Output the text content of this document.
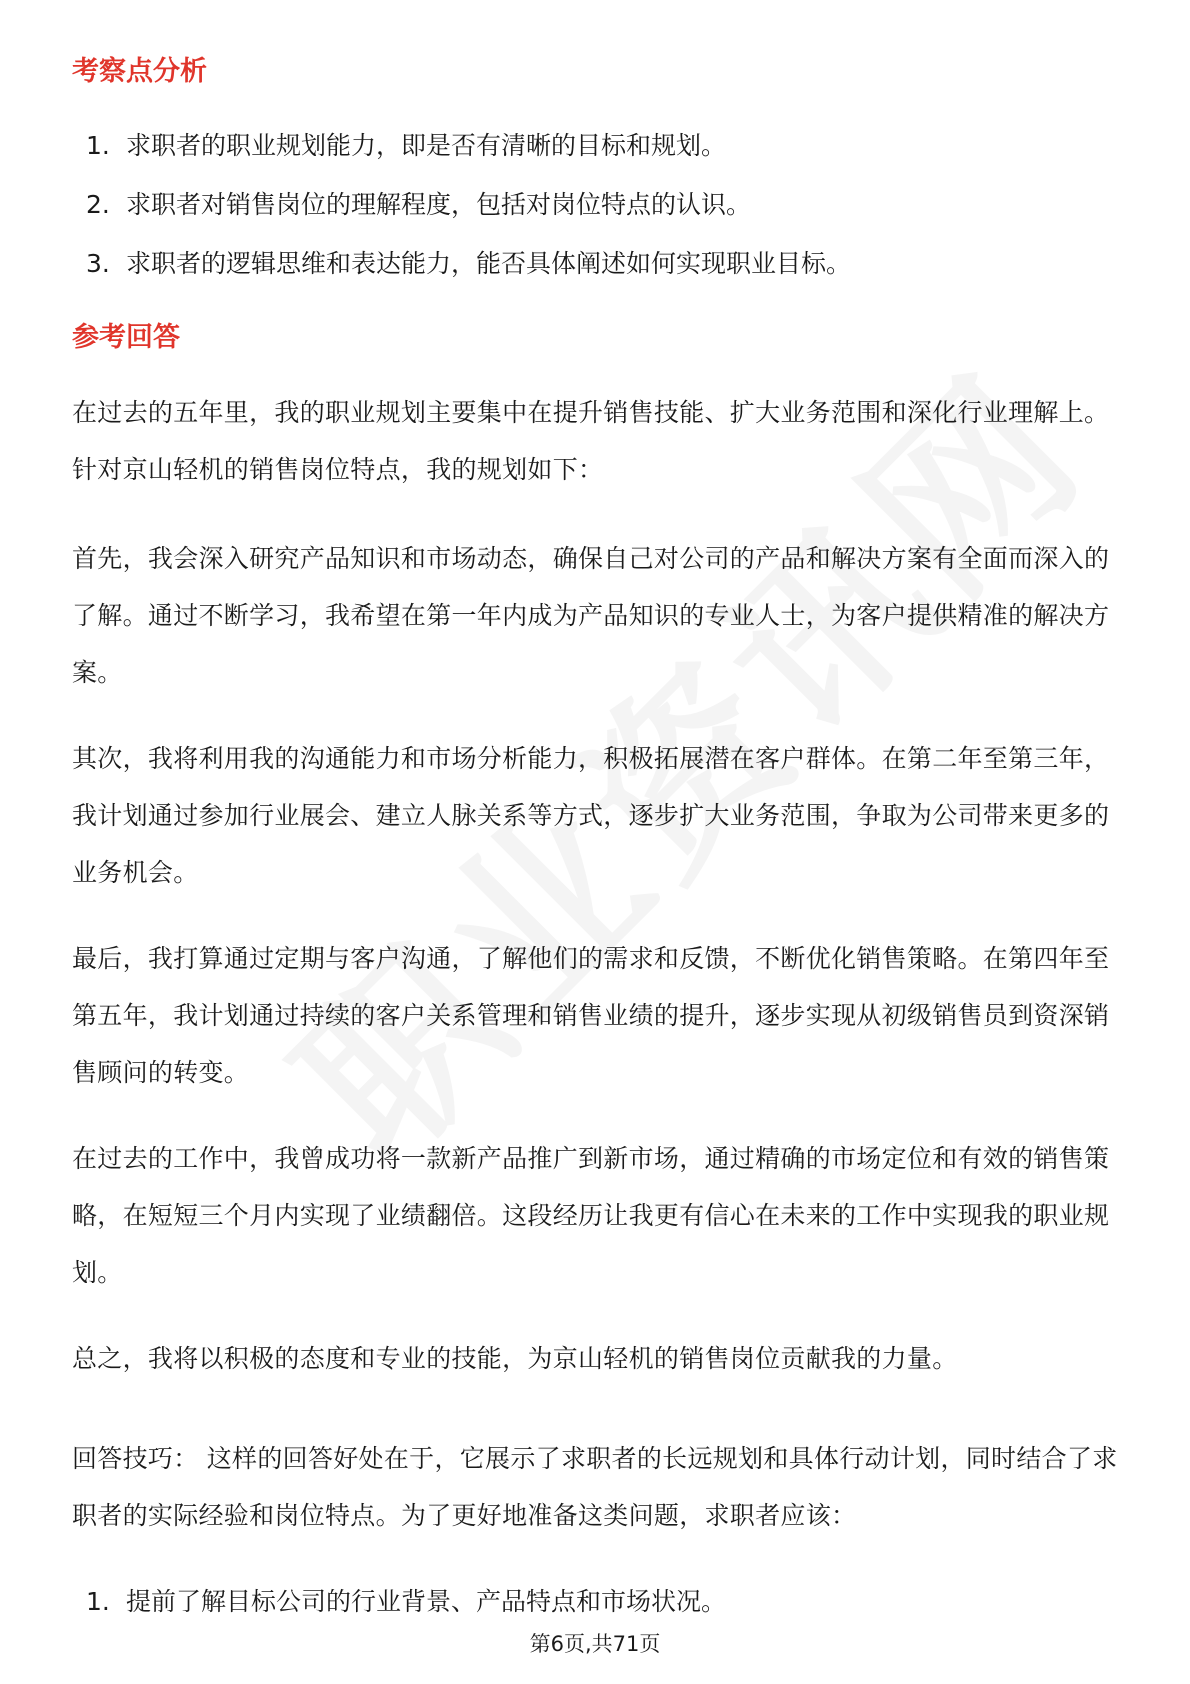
考察点分析
1. 求职者的职业规划能力，即是否有清晰的目标和规划。
2. 求职者对销售岗位的理解程度，包括对岗位特点的认识。
3. 求职者的逻辑思维和表达能力，能否具体阐述如何实现职业目标。
参考回答

在过去的五年里，我的职业规划主要集中在提升销售技能、扩大业务范围和深化行业理解上。针对京山轻机的销售岗位特点，我的规划如下：

首先，我会深入研究产品知识和市场动态，确保自己对公司的产品和解决方案有全面而深入的了解。通过不断学习，我希望在第一年内成为产品知识的专业人士，为客户提供精准的解决方案。

其次，我将利用我的沟通能力和市场分析能力，积极拓展潜在客户群体。在第二年至第三年，我计划通过参加行业展会、建立人脉关系等方式，逐步扩大业务范围，争取为公司带来更多的业务机会。

最后，我打算通过定期与客户沟通，了解他们的需求和反馈，不断优化销售策略。在第四年至第五年，我计划通过持续的客户关系管理和销售业绩的提升，逐步实现从初级销售员到资深销售顾问的转变。

在过去的工作中，我曾成功将一款新产品推广到新市场，通过精确的市场定位和有效的销售策略，在短短三个月内实现了业绩翻倍。这段经历让我更有信心在未来的工作中实现我的职业规划。

总之，我将以积极的态度和专业的技能，为京山轻机的销售岗位贡献我的力量。

回答技巧： 这样的回答好处在于，它展示了求职者的长远规划和具体行动计划，同时结合了求职者的实际经验和岗位特点。为了更好地准备这类问题，求职者应该：

1. 提前了解目标公司的行业背景、产品特点和市场状况。
第6页,共71页
